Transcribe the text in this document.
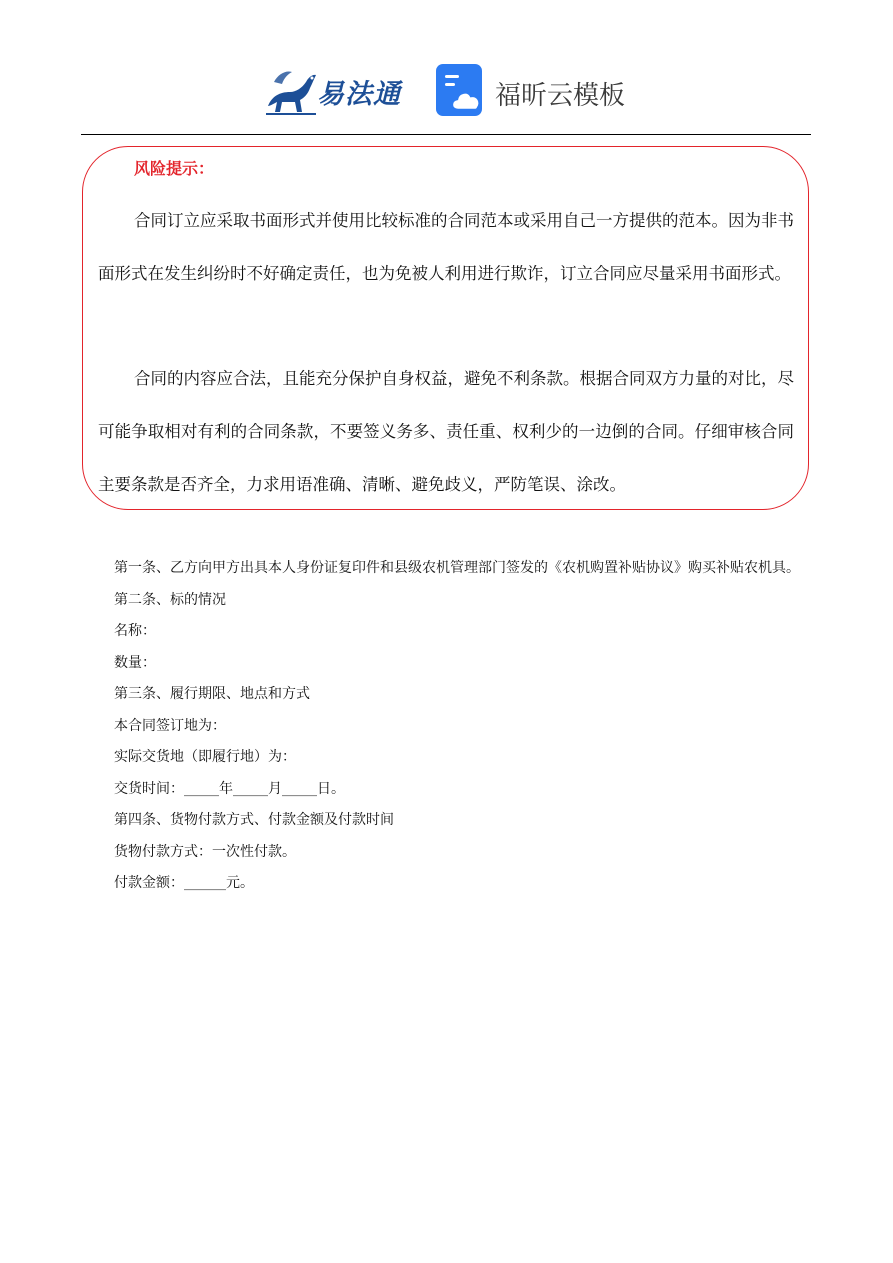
易法通	福昕云模板
风险提示：

合同订立应采取书面形式并使用比较标准的合同范本或采用自己一方提供的范本。因为非书面形式在发生纠纷时不好确定责任，也为免被人利用进行欺诈，订立合同应尽量采用书面形式。

合同的内容应合法，且能充分保护自身权益，避免不利条款。根据合同双方力量的对比，尽可能争取相对有利的合同条款，不要签义务多、责任重、权利少的一边倒的合同。仔细审核合同主要条款是否齐全，力求用语准确、清晰、避免歧义，严防笔误、涂改。

第一条、乙方向甲方出具本人身份证复印件和县级农机管理部门签发的《农机购置补贴协议》购买补贴农机具。

第二条、标的情况

名称：

数量：

第三条、履行期限、地点和方式

本合同签订地为：

实际交货地（即履行地）为：

交货时间：_____年_____月_____日。

第四条、货物付款方式、付款金额及付款时间

货物付款方式：一次性付款。

付款金额：______元。
